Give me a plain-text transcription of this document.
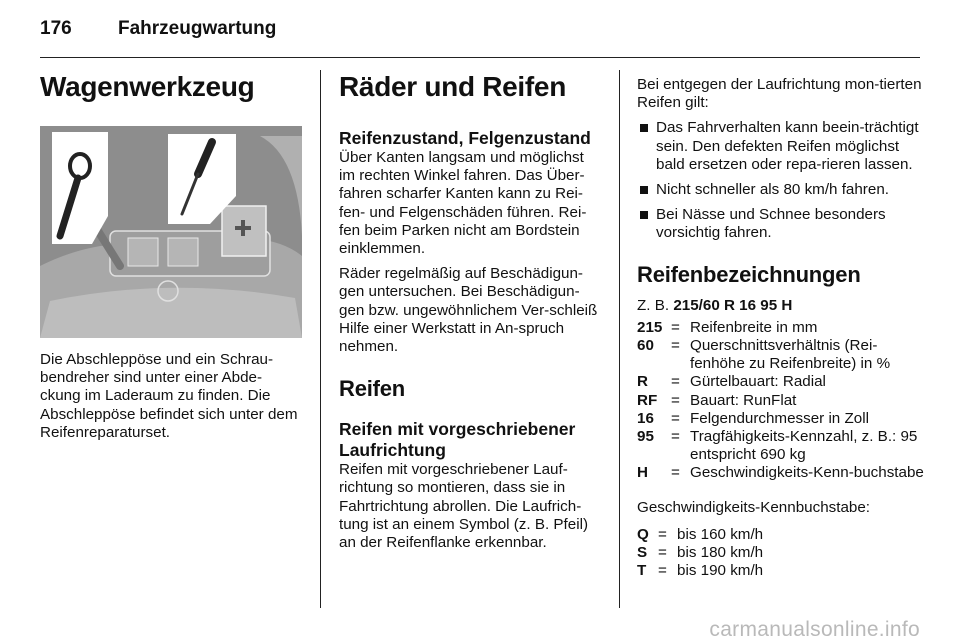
176	Fahrzeugwartung
Wagenwerkzeug

Die Abschleppöse und ein Schrau-bendreher sind unter einer Abde-ckung im Laderaum zu finden. Die Abschleppöse befindet sich unter dem Reifenreparaturset.

Räder und Reifen
Reifenzustand, Felgenzustand

Über Kanten langsam und möglichst im rechten Winkel fahren. Das Über-fahren scharfer Kanten kann zu Rei-fen- und Felgenschäden führen. Rei-fen beim Parken nicht am Bordstein einklemmen.

Räder regelmäßig auf Beschädigun-gen untersuchen. Bei Beschädigun-gen bzw. ungewöhnlichem Ver-schleiß Hilfe einer Werkstatt in An-spruch nehmen.

Reifen
Reifen mit vorgeschriebener Laufrichtung

Reifen mit vorgeschriebener Lauf-richtung so montieren, dass sie in Fahrtrichtung abrollen. Die Laufrich-tung ist an einem Symbol (z. B. Pfeil) an der Reifenflanke erkennbar.

Bei entgegen der Laufrichtung mon-tierten Reifen gilt:

Das Fahrverhalten kann beein-trächtigt sein. Den defekten Reifen möglichst bald ersetzen oder repa-rieren lassen.
Nicht schneller als 80 km/h fahren.
Bei Nässe und Schnee besonders vorsichtig fahren.
Reifenbezeichnungen

Z. B. 215/60 R 16 95 H

215 = Reifenbreite in mm
60	= Querschnittsverhältnis (Rei-fenhöhe zu Reifenbreite) in %
R	= Gürtelbauart: Radial
RF = Bauart: RunFlat
16	= Felgendurchmesser in Zoll
95	= Tragfähigkeits-Kennzahl, z. B.: 95 entspricht 690 kg
H	= Geschwindigkeits-Kenn-buchstabe

Geschwindigkeits-Kennbuchstabe:

Q = bis 160 km/h
S = bis 180 km/h
T = bis 190 km/h
carmanualsonline.info
